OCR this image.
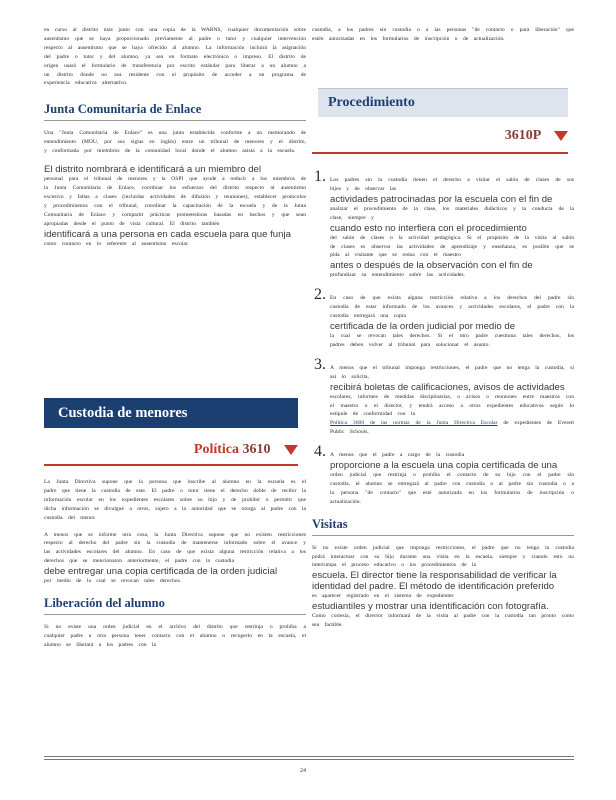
en curso al distrito más junto con una copia de la WARNS, cualquier documentación sobre ausentismo que se haya proporcionado previamente al padre o tutor y cualquier intervención respecto al ausentismo que se haya ofrecido al alumno. La información incluirá la asignación del padre o tutor y del alumno, ya sea en formato electrónico o impreso. El distrito de origen usará el formulario de transferencia por escrito estándar para liberar a un alumno a un distrito donde no sea residente con el propósito de acceder a un programa de experiencia educativa alternativo.

Junta Comunitaria de Enlace

Una "Junta Comunitaria de Enlace" es una junta establecida conforme a un memorando de entendimiento (MOU, por sus siglas en inglés) entre un tribunal de menores y el distrito, y conformada por miembros de la comunidad local donde el alumno asista a la escuela.

El distrito nombrará e identificará a un miembro del

personal para el tribunal de menores y la OSPI que ayude a reducir a los miembros de la Junta Comunitaria de Enlace, coordinar los esfuerzos del distrito respecto al ausentismo excesivo y faltas a clases (incluidas actividades de difusión y reuniones), establecer protocolos y procedimientos con el tribunal, coordinar la capacitación de la escuela y de la Junta Comunitaria de Enlace y compartir prácticas prometedoras basadas en hechos y que sean apropiadas desde el punto de vista cultural. El distrito también

identificará a una persona en cada escuela para que funja

como contacto en lo referente al ausentismo escolar.

Custodia de menores
Política 3610

La Junta Directiva supone que la persona que inscribe al alumno en la escuela es el padre que tiene la custodia de este. El padre o tutor tiene el derecho doble de recibir la información escolar en los expedientes escolares sobre su hijo y de prohibir o permitir que dicha información se divulgue a otros, sujeto a la autoridad que se otorga al padre con la custodia del menor.

A menos que se informe otra cosa, la Junta Directiva supone que no existen restricciones respecto al derecho del padre sin la custodia de mantenerse informado sobre el avance y las actividades escolares del alumno. En caso de que exista alguna restricción relativa a los derechos que se mencionaron anteriormente, el padre con la custodia

debe entregar una copia certificada de la orden judicial

por medio de la cual se revocan tales derechos.

Liberación del alumno

Si no existe una orden judicial en el archivo del distrito que restrinja o prohíba a cualquier padre u otra persona tener contacto con el alumno o recogerlo en la escuela, el alumno se liberará a los padres con la

custodia, a los padres sin custodia o a las personas "de contacto o para liberación" que estén autorizadas en los formularios de inscripción o de actualización.

Procedimiento
3610P

1. Los padres sin la custodia tienen el derecho a visitar el salón de clases de sus hijos y de observar las

actividades patrocinadas por la escuela con el fin de

analizar el procedimiento de la clase, los materiales didácticos y la conducta de la clase, siempre y

cuando esto no interfiera con el procedimiento

del salón de clases o la actividad pedagógica. Si el propósito de la visita al salón de clases es observar las actividades de aprendizaje y enseñanza, es posible que se pida al visitante que se reúna con el maestro

antes o después de la observación con el fin de

profundizar su entendimiento sobre las actividades.

2. En caso de que exista alguna restricción relativa a los derechos del padre sin custodia de estar informado de los avances y actividades escolares, el padre con la custodia entregará una copia

certificada de la orden judicial por medio de

la cual se revocan tales derechos. Si el otro padre cuestiona tales derechos, los padres deben volver al tribunal para solucionar el asunto.

3. A menos que el tribunal imponga restricciones, el padre que no tenga la custodia, si así lo solicita,

recibirá boletas de calificaciones, avisos de actividades

escolares, informes de medidas disciplinarias, o avisos o reuniones entre maestros con el maestro o el director, y tendrá acceso a otros expedientes educativos según lo estipule de conformidad con la

Política 3600 de las normas de la Junta Directiva Escolar de expedientes de Everett Public Schools.

4. A menos que el padre a cargo de la custodia

proporcione a la escuela una copia certificada de una

orden judicial que restrinja o prohíba el contacto de su hijo con el padre sin custodia, el alumno se entregará al padre con custodia o al padre sin custodia o a la persona "de contacto" que esté autorizada en los formularios de inscripción o actualización.

Visitas

Si no existe orden judicial que imponga restricciones, el padre que no tenga la custodia podrá interactuar con su hijo durante una visita en la escuela, siempre y cuando esto no interrumpa el proceso educativo o los procedimientos de la

escuela. El director tiene la responsabilidad de verificar la identidad del padre. El método de identificación preferido

es aparecer registrado en el sistema de expedientes

estudiantiles y mostrar una identificación con fotografía.

Como cortesía, el director informará de la visita al padre con la custodia tan pronto como sea factible.

24
